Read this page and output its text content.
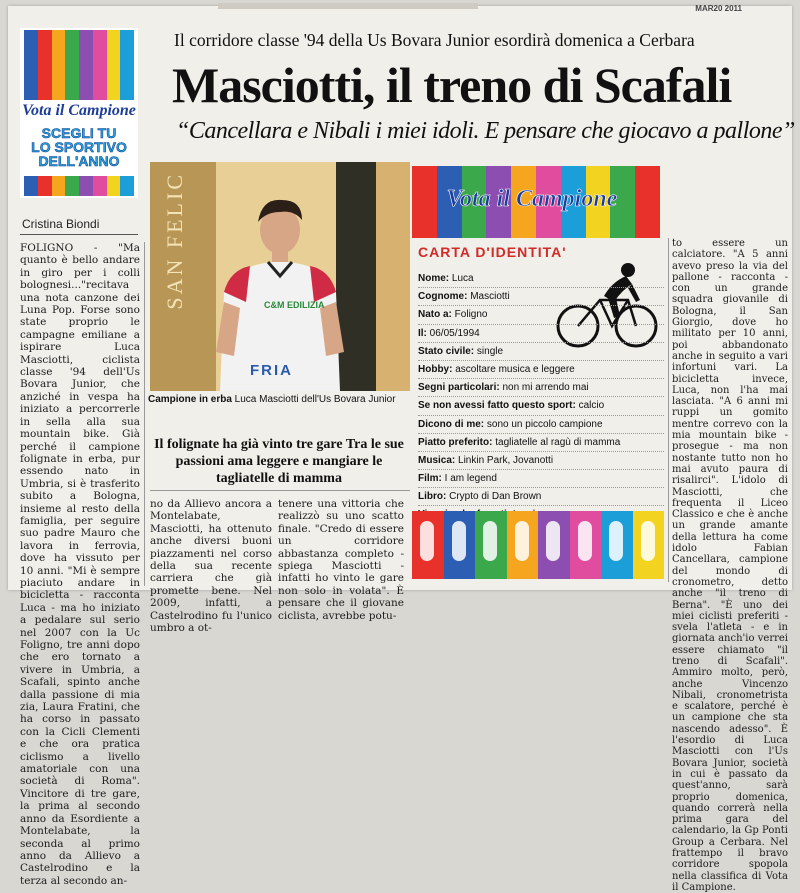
MAR20 2011
Vota il Campione
SCEGLI TU
LO SPORTIVO
DELL'ANNO
Cristina Biondi
Il corridore classe '94 della Us Bovara Junior esordirà domenica a Cerbara
Masciotti, il treno di Scafali
“Cancellara e Nibali i miei idoli. E pensare che giocavo a pallone”
FOLIGNO - "Ma quanto è bello andare in giro per i colli bolognesi..."recitava una nota canzone dei Luna Pop. Forse sono state proprio le campagne emiliane a ispirare Luca Masciotti, ciclista classe '94 dell'Us Bovara Junior, che anziché in vespa ha iniziato a percorrerle in sella alla sua mountain bike. Già perché il campione folignate in erba, pur essendo nato in Umbria, si è trasferito subito a Bologna, insieme al resto della famiglia, per seguire suo padre Mauro che lavora in ferrovia, dove ha vissuto per 10 anni. "Mi è sempre piaciuto andare in bicicletta - racconta Luca - ma ho iniziato a pedalare sul serio nel 2007 con la Uc Foligno, tre anni dopo che ero tornato a vivere in Umbria, a Scafali, spinto anche dalla passione di mia zia, Laura Fratini, che ha corso in passato con la Cicli Clementi e che ora pratica ciclismo a livello amatoriale con una società di Roma". Vincitore di tre gare, la prima al secondo anno da Esordiente a Montelabate, la seconda al primo anno da Allievo a Castelrodino e la terza al secondo an-
SAN FELIC	C&M EDILIZIA
FRIA
Campione in erba Luca Masciotti dell'Us Bovara Junior
Il folignate ha già vinto tre gare Tra le sue passioni ama leggere e mangiare le tagliatelle di mamma
no da Allievo ancora a Montelabate, Masciotti, ha ottenuto anche diversi buoni piazzamenti nel corso della sua recente carriera che già promette bene. Nel 2009, infatti, a Castelrodino fu l'unico umbro a ot-
tenere una vittoria che realizzò su uno scatto finale. "Credo di essere un corridore abbastanza completo - spiega Masciotti - infatti ho vinto le gare non solo in volata". È pensare che il giovane ciclista, avrebbe potu-
Vota il Campione
CARTA D'IDENTITA'
Nome: Luca
Cognome: Masciotti
Nato a: Foligno
Il: 06/05/1994
Stato civile: single
Hobby: ascoltare musica e leggere
Segni particolari: non mi arrendo mai
Se non avessi fatto questo sport: calcio
Dicono di me: sono un piccolo campione
Piatto preferito: tagliatelle al ragù di mamma
Musica: Linkin Park, Jovanotti
Film: I am legend
Libro: Crypto di Dan Brown
to essere un calciatore. "A 5 anni avevo preso la via del pallone - racconta - con un grande squadra giovanile di Bologna, il San Giorgio, dove ho militato per 10 anni, poi abbandonato anche in seguito a vari infortuni vari. La bicicletta invece, Luca, non l'ha mai lasciata. "A 6 anni mi ruppi un gomito mentre correvo con la mia mountain bike - prosegue - ma non nostante tutto non ho mai avuto paura di risalirci". L'idolo di Masciotti, che frequenta il Liceo Classico e che è anche un grande amante della lettura ha come idolo Fabian Cancellara, campione del mondo di cronometro, detto anche "il treno di Berna". "È uno dei miei ciclisti preferiti - svela l'atleta - e in giornata anch'io verrei essere chiamato "il treno di Scafali". Ammiro molto, però, anche Vincenzo Nibali, cronometrista e scalatore, perché è un campione che sta nascendo adesso". È l'esordio di Luca Masciotti con l'Us Bovara Junior, società in cui è passato da quest'anno, sarà proprio domenica, quando correrà nella prima gara del calendario, la Gp Ponti Group a Cerbara. Nel frattempo il bravo corridore spopola nella classifica di Vota il Campione.
